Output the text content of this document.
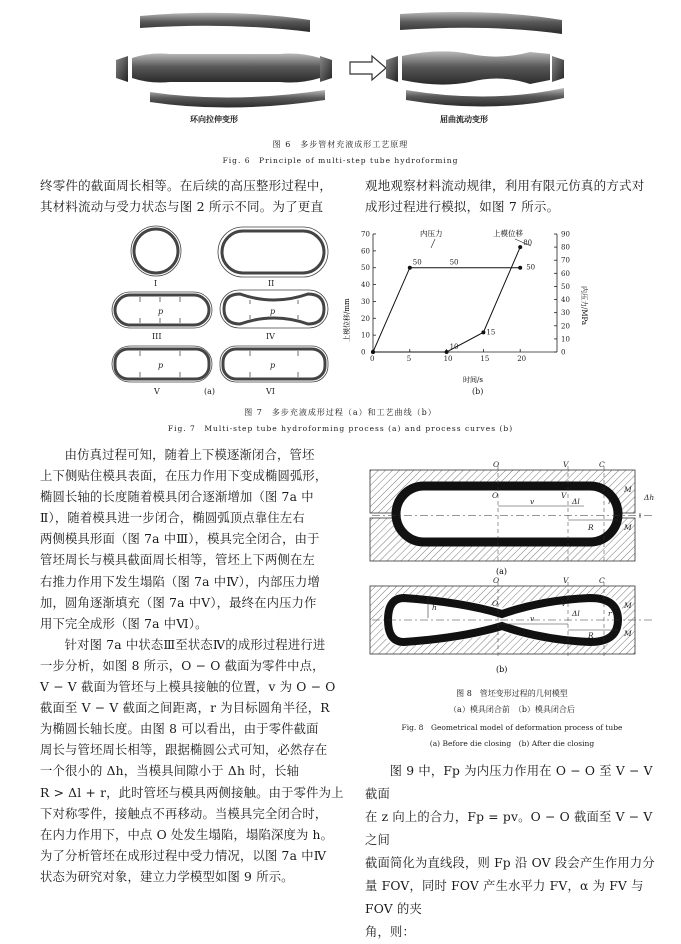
环向拉伸变形	屈曲流动变形
图 6　多步管材充液成形工艺原理
Fig. 6　Principle of multi-step tube hydroforming

终零件的截面周长相等。在后续的高压整形过程中，

其材料流动与受力状态与图 2 所示不同。为了更直

观地观察材料流动规律，利用有限元仿真的方式对

成形过程进行模拟，如图 7 所示。

I	II
III	IV
V	VI
p	p
p	p
(a)
0	5	10	15	20
0
10
20
30
40
50
60
70
0
10
20
30
40
50
60
70
80
90
50	50
80
15
50
10
内压力	上模位移
上模位移/mm	内压力/MPa
时间/s
(b)
图 7　多步充液成形过程（a）和工艺曲线（b）
Fig. 7　Multi-step tube hydroforming process (a) and process curves (b)

由仿真过程可知，随着上下模逐渐闭合，管坯

上下侧贴住模具表面，在压力作用下变成椭圆弧形，

椭圆长轴的长度随着模具闭合逐渐增加（图 7a 中

Ⅱ），随着模具进一步闭合，椭圆弧顶点靠住左右

两侧模具形面（图 7a 中Ⅲ），模具完全闭合，由于

管坯周长与模具截面周长相等，管坯上下两侧在左

右推力作用下发生塌陷（图 7a 中Ⅳ），内部压力增

加，圆角逐渐填充（图 7a 中Ⅴ），最终在内压力作

用下完全成形（图 7a 中Ⅵ）。

针对图 7a 中状态Ⅲ至状态Ⅳ的成形过程进行进

一步分析，如图 8 所示，O − O 截面为零件中点，

V − V 截面为管坯与上模具接触的位置，v 为 O − O

截面至 V − V 截面之间距离，r 为目标圆角半径，R

为椭圆长轴长度。由图 8 可以看出，由于零件截面

周长与管坯周长相等，跟据椭圆公式可知，必然存在

一个很小的 Δh，当模具间隙小于 Δh 时，长轴

R > Δl + r，此时管坯与模具两侧接触。由于零件为上

下对称零件，接触点不再移动。当模具完全闭合时，

在内力作用下，中点 O 处发生塌陷，塌陷深度为 h。

为了分析管坯在成形过程中受力情况，以图 7a 中Ⅳ

状态为研究对象，建立力学模型如图 9 所示。

O	V	C
O	V
v	Δl	r
R
M
M
Δh
O	V	C
h	O	V
v
Δl	r
R
M
M
(a)
(b)
图 8　管坯变形过程的几何模型
（a）模具闭合前　（b）模具闭合后
Fig. 8　Geometrical model of deformation process of tube
(a) Before die closing　(b) After die closing

图 9 中，Fp 为内压力作用在 O − O 至 V − V 截面

在 z 向上的合力，Fp = pv。O − O 截面至 V − V 之间

截面简化为直线段，则 Fp 沿 OV 段会产生作用力分

量 FOV，同时 FOV 产生水平力 FV，α 为 FV 与 FOV 的夹

角，则：
